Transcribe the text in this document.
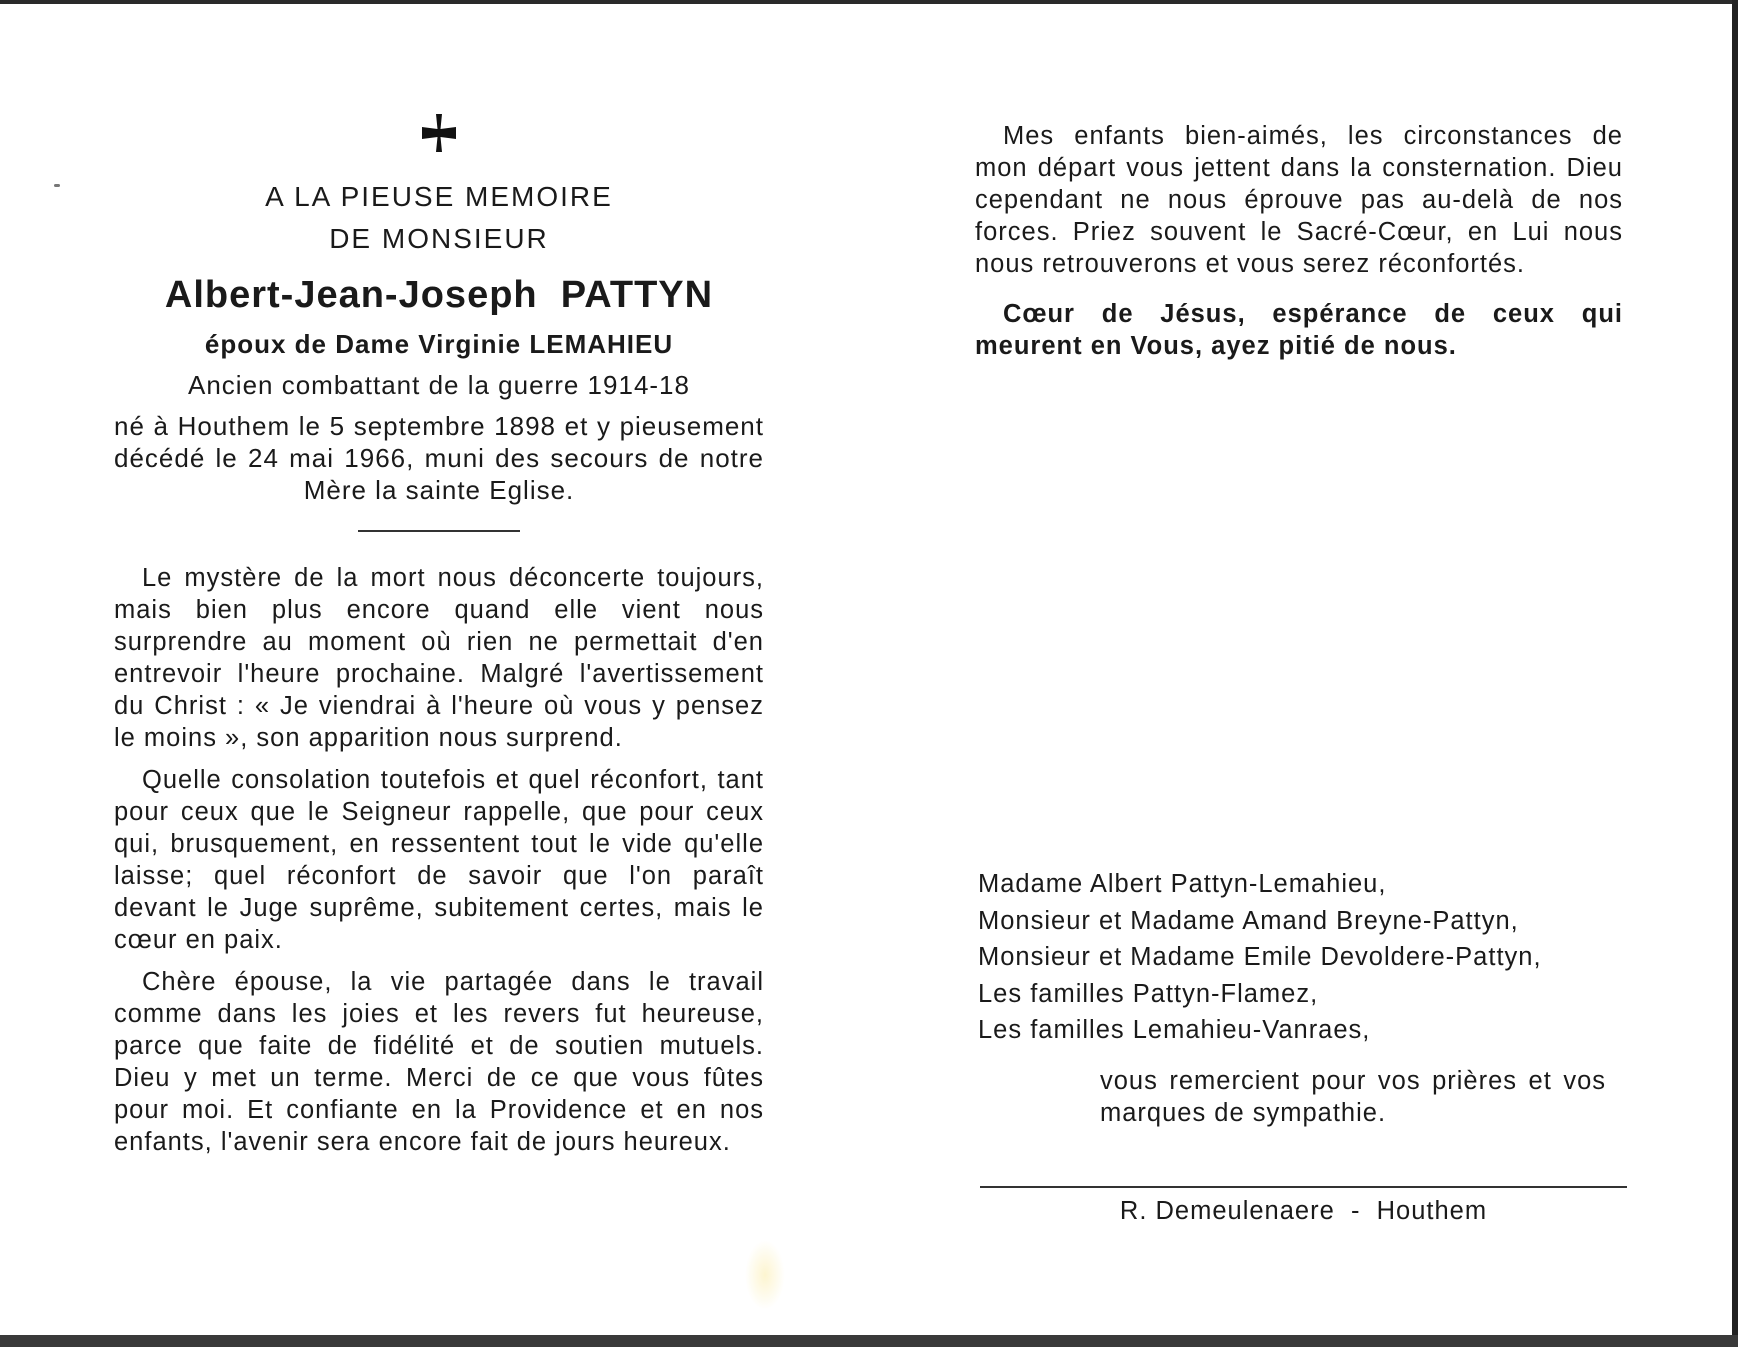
A LA PIEUSE MEMOIRE
DE MONSIEUR
Albert-Jean-Joseph  PATTYN
époux de Dame Virginie LEMAHIEU
Ancien combattant de la guerre 1914-18
né à Houthem le 5 septembre 1898 et y pieusement décédé le 24 mai 1966, muni des secours de notre Mère la sainte Eglise.

Le mystère de la mort nous déconcerte toujours, mais bien plus encore quand elle vient nous surprendre au moment où rien ne permettait d'en entrevoir l'heure prochaine. Malgré l'avertissement du Christ : « Je viendrai à l'heure où vous y pensez le moins », son apparition nous surprend.

Quelle consolation toutefois et quel réconfort, tant pour ceux que le Seigneur rappelle, que pour ceux qui, brusquement, en ressentent tout le vide qu'elle laisse; quel réconfort de savoir que l'on paraît devant le Juge suprême, subitement certes, mais le cœur en paix.

Chère épouse, la vie partagée dans le travail comme dans les joies et les revers fut heureuse, parce que faite de fidélité et de soutien mutuels. Dieu y met un terme. Merci de ce que vous fûtes pour moi. Et confiante en la Providence et en nos enfants, l'avenir sera encore fait de jours heureux.

Mes enfants bien-aimés, les circonstances de mon départ vous jettent dans la consternation. Dieu cependant ne nous éprouve pas au-delà de nos forces. Priez souvent le Sacré-Cœur, en Lui nous nous retrouverons et vous serez réconfortés.

Cœur de Jésus, espérance de ceux qui meurent en Vous, ayez pitié de nous.

Madame Albert Pattyn-Lemahieu,

Monsieur et Madame Amand Breyne-Pattyn,

Monsieur et Madame Emile Devoldere-Pattyn,

Les familles Pattyn-Flamez,

Les familles Lemahieu-Vanraes,

vous remercient pour vos prières et vos marques de sympathie.

R. Demeulenaere  -  Houthem
